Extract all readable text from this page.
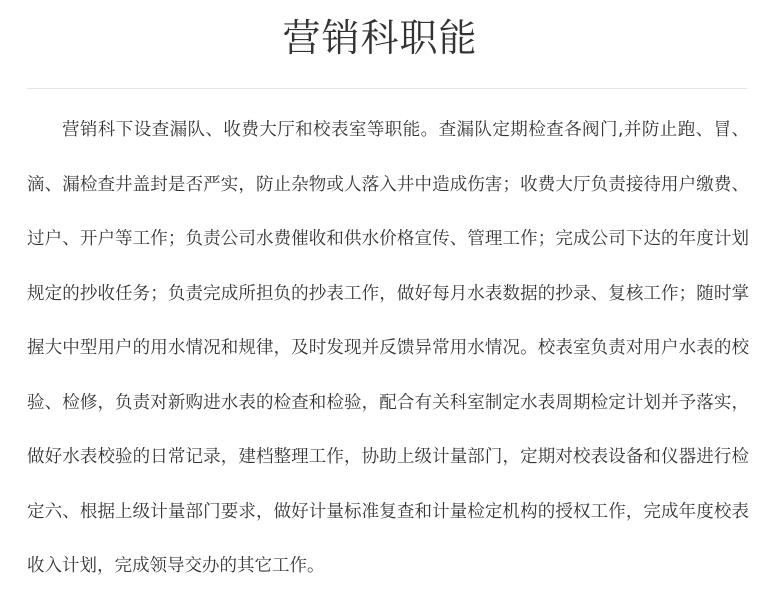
营销科职能

营销科下设查漏队、收费大厅和校表室等职能。查漏队定期检查各阀门,并防止跑、冒、滴、漏检查井盖封是否严实，防止杂物或人落入井中造成伤害；收费大厅负责接待用户缴费、过户、开户等工作；负责公司水费催收和供水价格宣传、管理工作；完成公司下达的年度计划规定的抄收任务；负责完成所担负的抄表工作，做好每月水表数据的抄录、复核工作；随时掌握大中型用户的用水情况和规律，及时发现并反馈异常用水情况。校表室负责对用户水表的校验、检修，负责对新购进水表的检查和检验，配合有关科室制定水表周期检定计划并予落实，做好水表校验的日常记录，建档整理工作，协助上级计量部门，定期对校表设备和仪器进行检定六、根据上级计量部门要求，做好计量标准复查和计量检定机构的授权工作，完成年度校表收入计划，完成领导交办的其它工作。
